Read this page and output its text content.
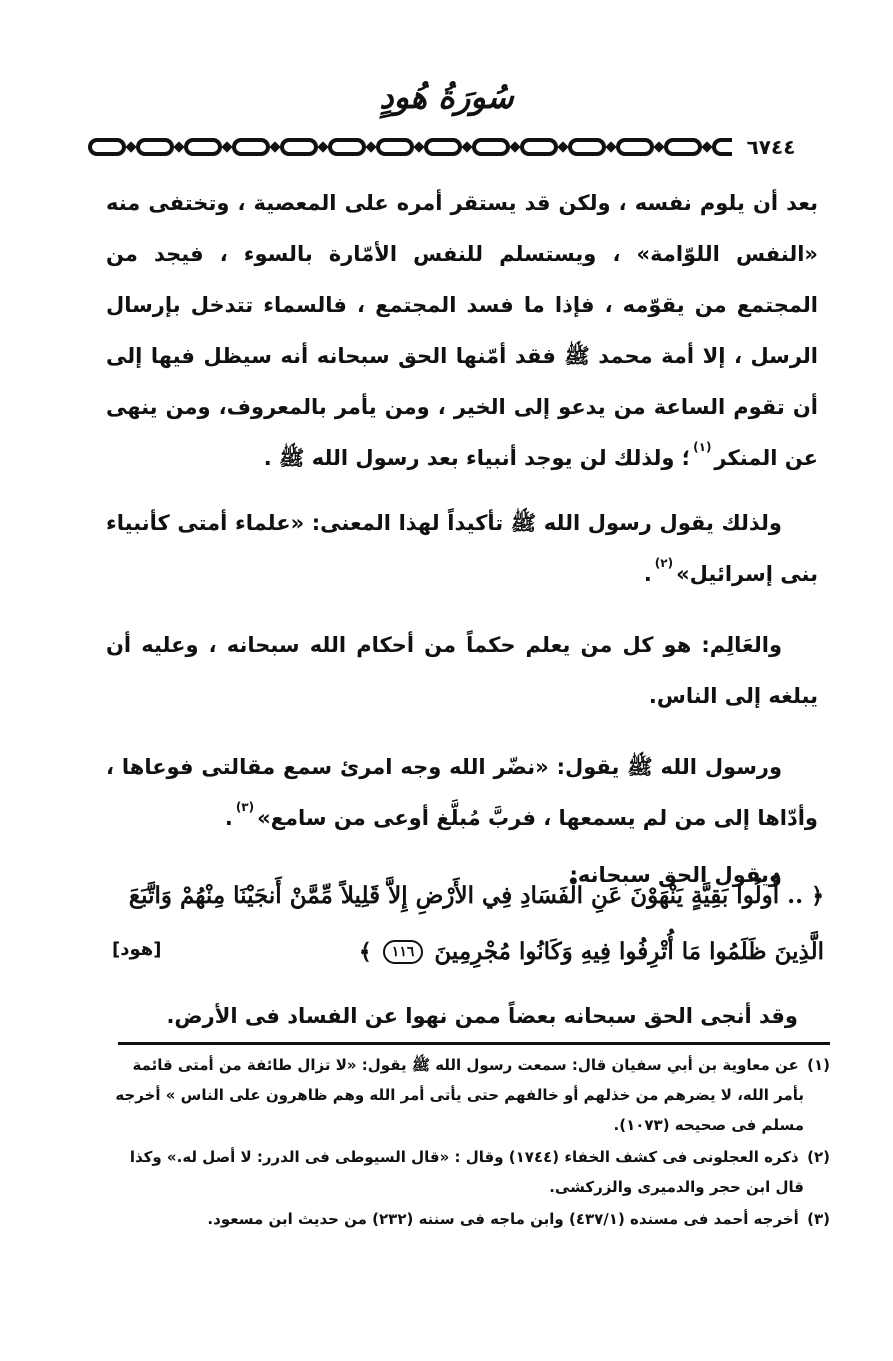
سُورَةُ هُودٍ
٦٧٤٤

بعد أن يلوم نفسه ، ولكن قد يستقر أمره على المعصية ، وتختفى منه «النفس اللوّامة» ، ويستسلم للنفس الأمّارة بالسوء ، فيجد من المجتمع من يقوّمه ، فإذا ما فسد المجتمع ، فالسماء تتدخل بإرسال الرسل ، إلا أمة محمد ﷺ فقد أمّنها الحق سبحانه أنه سيظل فيها إلى أن تقوم الساعة من يدعو إلى الخير ، ومن يأمر بالمعروف، ومن ينهى عن المنكر$^{(١)}$؛ ولذلك لن يوجد أنبياء بعد رسول الله ﷺ .

ولذلك يقول رسول الله ﷺ تأكيداً لهذا المعنى: «علماء أمتى كأنبياء بنى إسرائيل»$^{(٢)}$.

والعَالِم: هو كل من يعلم حكماً من أحكام الله سبحانه ، وعليه أن يبلغه إلى الناس.

ورسول الله ﷺ يقول: «نضّر الله وجه امرئ سمع مقالتى فوعاها ، وأدّاها إلى من لم يسمعها ، فربَّ مُبلَّغ أوعى من سامع»$^{(٣)}$.

ويقول الحق سبحانه:

﴿ .. أُولُوا بَقِيَّةٍ يَنْهَوْنَ عَنِ الْفَسَادِ فِي الأَرْضِ إِلاَّ قَلِيلاً مِّمَّنْ أَنجَيْنَا مِنْهُمْ وَاتَّبَعَ

الَّذِينَ ظَلَمُوا مَا أُتْرِفُوا فِيهِ وَكَانُوا مُجْرِمِينَ ١١٦ ﴾

[هود]
وقد أنجى الحق سبحانه بعضاً ممن نهوا عن الفساد فى الأرض.

(١) عن معاوية بن أبي سفيان قال: سمعت رسول الله ﷺ يقول: «لا تزال طائفة من أمتى قائمة بأمر الله، لا يضرهم من خذلهم أو خالفهم حتى يأتى أمر الله وهم ظاهرون على الناس » أخرجه مسلم فى صحيحه (١٠٧٣).

(٢) ذكره العجلونى فى كشف الخفاء (١٧٤٤) وقال : «قال السيوطى فى الدرر: لا أصل له.» وكذا قال ابن حجر والدميرى والزركشى.

(٣) أخرجه أحمد فى مسنده (٤٣٧/١) وابن ماجه فى سننه (٢٣٢) من حديث ابن مسعود.
